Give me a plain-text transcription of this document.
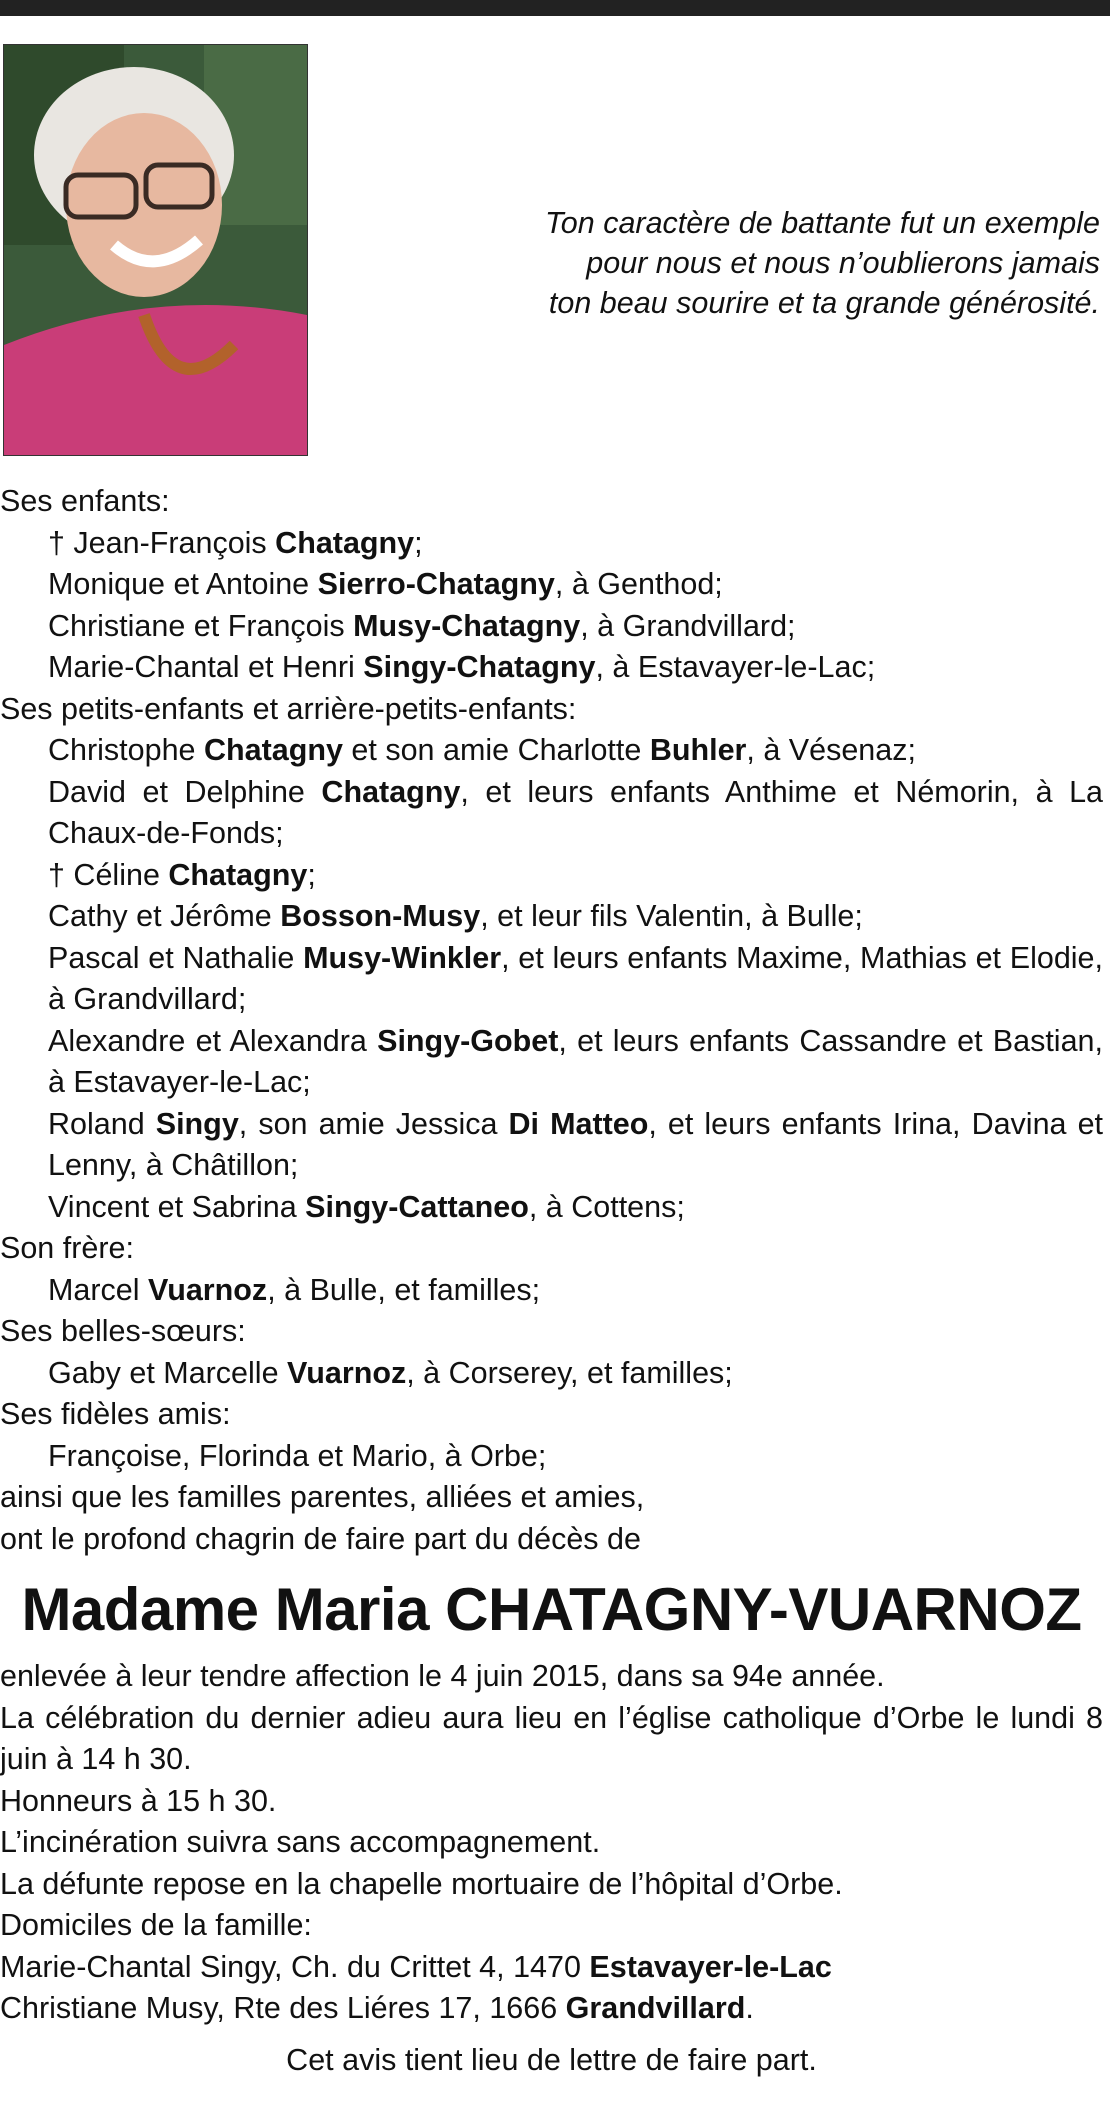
Ton caractère de battante fut un exemple
pour nous et nous n’oublierons jamais
ton beau sourire et ta grande générosité.
Ses enfants:
† Jean-François Chatagny;
Monique et Antoine Sierro-Chatagny, à Genthod;
Christiane et François Musy-Chatagny, à Grandvillard;
Marie-Chantal et Henri Singy-Chatagny, à Estavayer-le-Lac;
Ses petits-enfants et arrière-petits-enfants:
Christophe Chatagny et son amie Charlotte Buhler, à Vésenaz;
David et Delphine Chatagny, et leurs enfants Anthime et Némorin, à La Chaux-de-Fonds;
† Céline Chatagny;
Cathy et Jérôme Bosson-Musy, et leur fils Valentin, à Bulle;
Pascal et Nathalie Musy-Winkler, et leurs enfants Maxime, Mathias et Elodie, à Grandvillard;
Alexandre et Alexandra Singy-Gobet, et leurs enfants Cassandre et Bastian, à Estavayer-le-Lac;
Roland Singy, son amie Jessica Di Matteo, et leurs enfants Irina, Davina et Lenny, à Châtillon;
Vincent et Sabrina Singy-Cattaneo, à Cottens;
Son frère:
Marcel Vuarnoz, à Bulle, et familles;
Ses belles-sœurs:
Gaby et Marcelle Vuarnoz, à Corserey, et familles;
Ses fidèles amis:
Françoise, Florinda et Mario, à Orbe;
ainsi que les familles parentes, alliées et amies,
ont le profond chagrin de faire part du décès de
Madame Maria CHATAGNY-VUARNOZ
enlevée à leur tendre affection le 4 juin 2015, dans sa 94e année.
La célébration du dernier adieu aura lieu en l’église catholique d’Orbe le lundi 8 juin à 14 h 30.
Honneurs à 15 h 30.
L’incinération suivra sans accompagnement.
La défunte repose en la chapelle mortuaire de l’hôpital d’Orbe.
Domiciles de la famille:
Marie-Chantal Singy, Ch. du Crittet 4, 1470 Estavayer-le-Lac
Christiane Musy, Rte des Liéres 17, 1666 Grandvillard.
Cet avis tient lieu de lettre de faire part.
